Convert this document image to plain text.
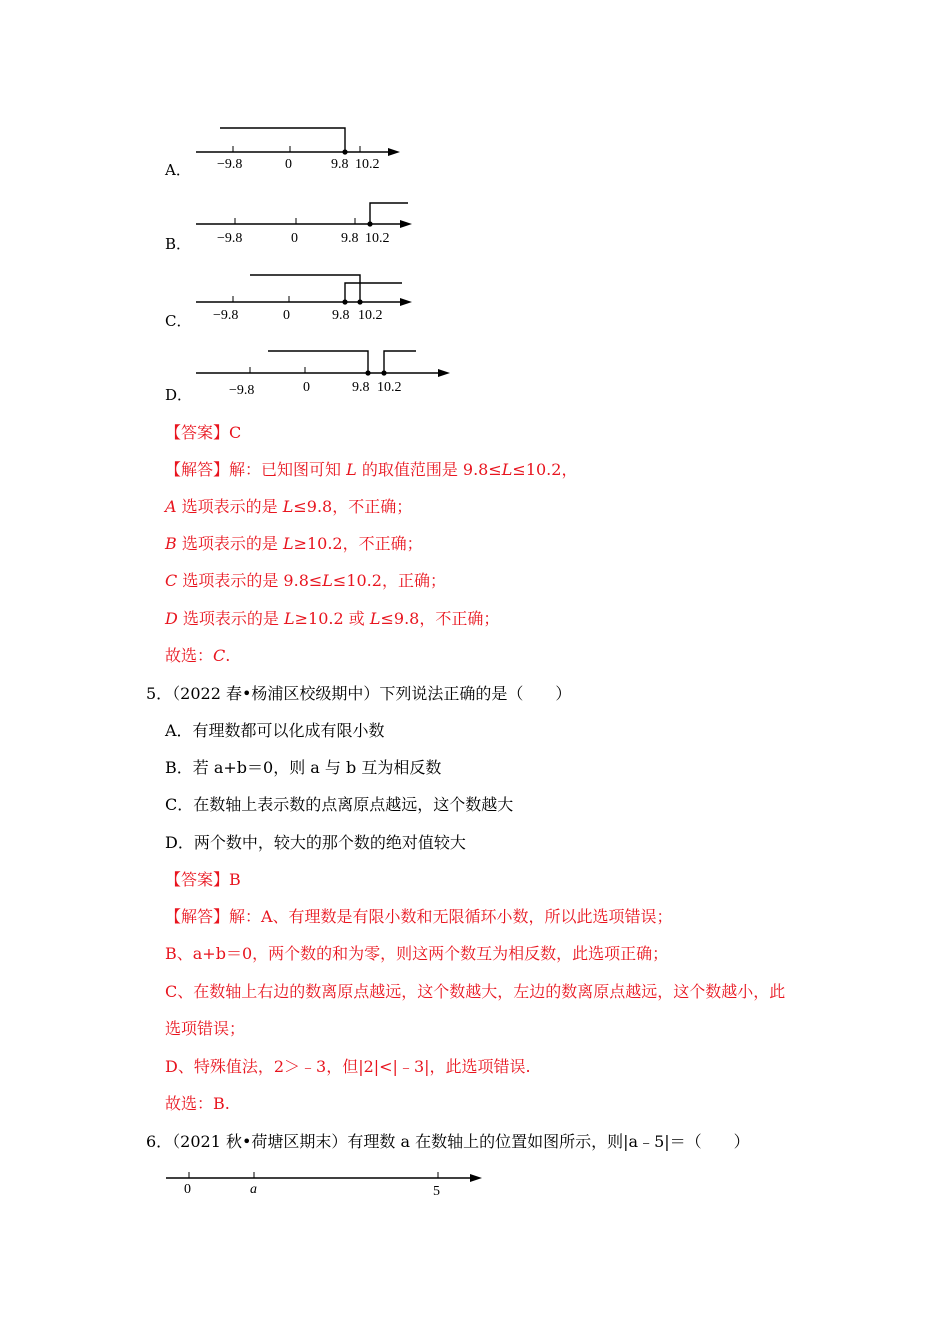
A． −9.8	0	9.8 10.2
B． −9.8	0	9.8 10.2
C． −9.8	0	9.8 10.2
D．	−9.8	0	9.8 10.2
【答案】C
【解答】解：已知图可知 L 的取值范围是 9.8≤L≤10.2，
A 选项表示的是 L≤9.8，不正确；
B 选项表示的是 L≥10.2，不正确；
C 选项表示的是 9.8≤L≤10.2，正确；
D 选项表示的是 L≥10.2 或 L≤9.8，不正确；
故选：C.
5．（2022 春•杨浦区校级期中）下列说法正确的是（　　）
A．有理数都可以化成有限小数
B．若 a+b＝0，则 a 与 b 互为相反数
C．在数轴上表示数的点离原点越远，这个数越大
D．两个数中，较大的那个数的绝对值较大
【答案】B
【解答】解：A、有理数是有限小数和无限循环小数，所以此选项错误；
B、a+b＝0，两个数的和为零，则这两个数互为相反数，此选项正确；
C、在数轴上右边的数离原点越远，这个数越大，左边的数离原点越远，这个数越小，此
选项错误；
D、特殊值法，2＞﹣3，但|2|<|﹣3|，此选项错误.
故选：B.
6．（2021 秋•荷塘区期末）有理数 a 在数轴上的位置如图所示，则|a﹣5|＝（　　）
0	a	5
